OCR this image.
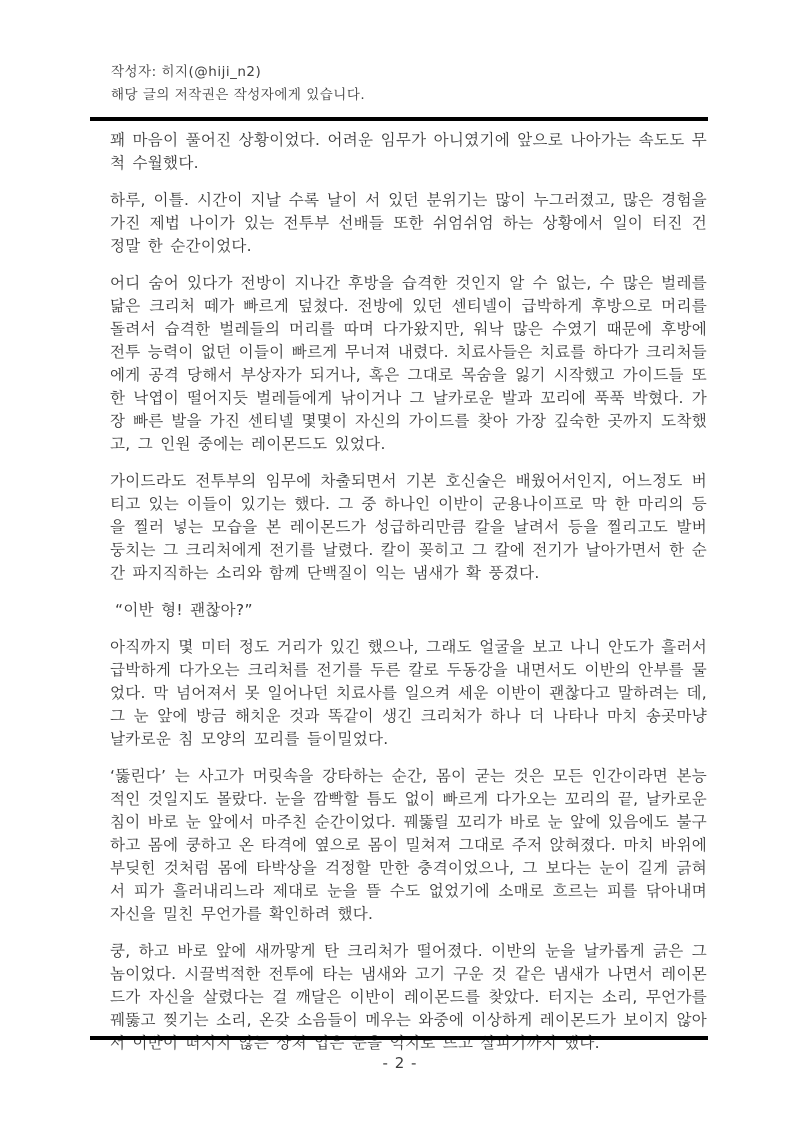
작성자: 히지(@hiji_n2)
해당 글의 저작권은 작성자에게 있습니다.

꽤 마음이 풀어진 상황이었다. 어려운 임무가 아니였기에 앞으로 나아가는 속도도 무척 수월했다.

하루, 이틀. 시간이 지날 수록 날이 서 있던 분위기는 많이 누그러졌고, 많은 경험을 가진 제법 나이가 있는 전투부 선배들 또한 쉬엄쉬엄 하는 상황에서 일이 터진 건 정말 한 순간이었다.

어디 숨어 있다가 전방이 지나간 후방을 습격한 것인지 알 수 없는, 수 많은 벌레를 닮은 크리처 떼가 빠르게 덮쳤다. 전방에 있던 센티넬이 급박하게 후방으로 머리를 돌려서 습격한 벌레들의 머리를 따며 다가왔지만, 워낙 많은 수였기 때문에 후방에 전투 능력이 없던 이들이 빠르게 무너져 내렸다. 치료사들은 치료를 하다가 크리처들에게 공격 당해서 부상자가 되거나, 혹은 그대로 목숨을 잃기 시작했고 가이드들 또한 낙엽이 떨어지듯 벌레들에게 낚이거나 그 날카로운 발과 꼬리에 푹푹 박혔다. 가장 빠른 발을 가진 센티넬 몇몇이 자신의 가이드를 찾아 가장 깊숙한 곳까지 도착했고, 그 인원 중에는 레이몬드도 있었다.

가이드라도 전투부의 임무에 차출되면서 기본 호신술은 배웠어서인지, 어느정도 버티고 있는 이들이 있기는 했다. 그 중 하나인 이반이 군용나이프로 막 한 마리의 등을 찔러 넣는 모습을 본 레이몬드가 성급하리만큼 칼을 날려서 등을 찔리고도 발버둥치는 그 크리처에게 전기를 날렸다. 칼이 꽂히고 그 칼에 전기가 날아가면서 한 순간 파지직하는 소리와 함께 단백질이 익는 냄새가 확 풍겼다.

“이반 형! 괜찮아?”

아직까지 몇 미터 정도 거리가 있긴 했으나, 그래도 얼굴을 보고 나니 안도가 흘러서 급박하게 다가오는 크리처를 전기를 두른 칼로 두동강을 내면서도 이반의 안부를 물었다. 막 넘어져서 못 일어나던 치료사를 일으켜 세운 이반이 괜찮다고 말하려는 데, 그 눈 앞에 방금 해치운 것과 똑같이 생긴 크리처가 하나 더 나타나 마치 송곳마냥 날카로운 침 모양의 꼬리를 들이밀었다.

‘뚫린다’ 는 사고가 머릿속을 강타하는 순간, 몸이 굳는 것은 모든 인간이라면 본능적인 것일지도 몰랐다. 눈을 깜빡할 틈도 없이 빠르게 다가오는 꼬리의 끝, 날카로운 침이 바로 눈 앞에서 마주친 순간이었다. 꿰뚫릴 꼬리가 바로 눈 앞에 있음에도 불구하고 몸에 쿵하고 온 타격에 옆으로 몸이 밀쳐져 그대로 주저 앉혀졌다. 마치 바위에 부딪힌 것처럼 몸에 타박상을 걱정할 만한 충격이었으나, 그 보다는 눈이 길게 긁혀서 피가 흘러내리느라 제대로 눈을 뜰 수도 없었기에 소매로 흐르는 피를 닦아내며 자신을 밀친 무언가를 확인하려 했다.

쿵, 하고 바로 앞에 새까맣게 탄 크리처가 떨어졌다. 이반의 눈을 날카롭게 긁은 그 놈이었다. 시끌벅적한 전투에 타는 냄새와 고기 구운 것 같은 냄새가 나면서 레이몬드가 자신을 살렸다는 걸 깨달은 이반이 레이몬드를 찾았다. 터지는 소리, 무언가를 꿰뚫고 찢기는 소리, 온갖 소음들이 메우는 와중에 이상하게 레이몬드가 보이지 않아서 이반이 떠지지 않는 상처 입은 눈을 억지로 뜨고 살피기까지 했다.

- 2 -
